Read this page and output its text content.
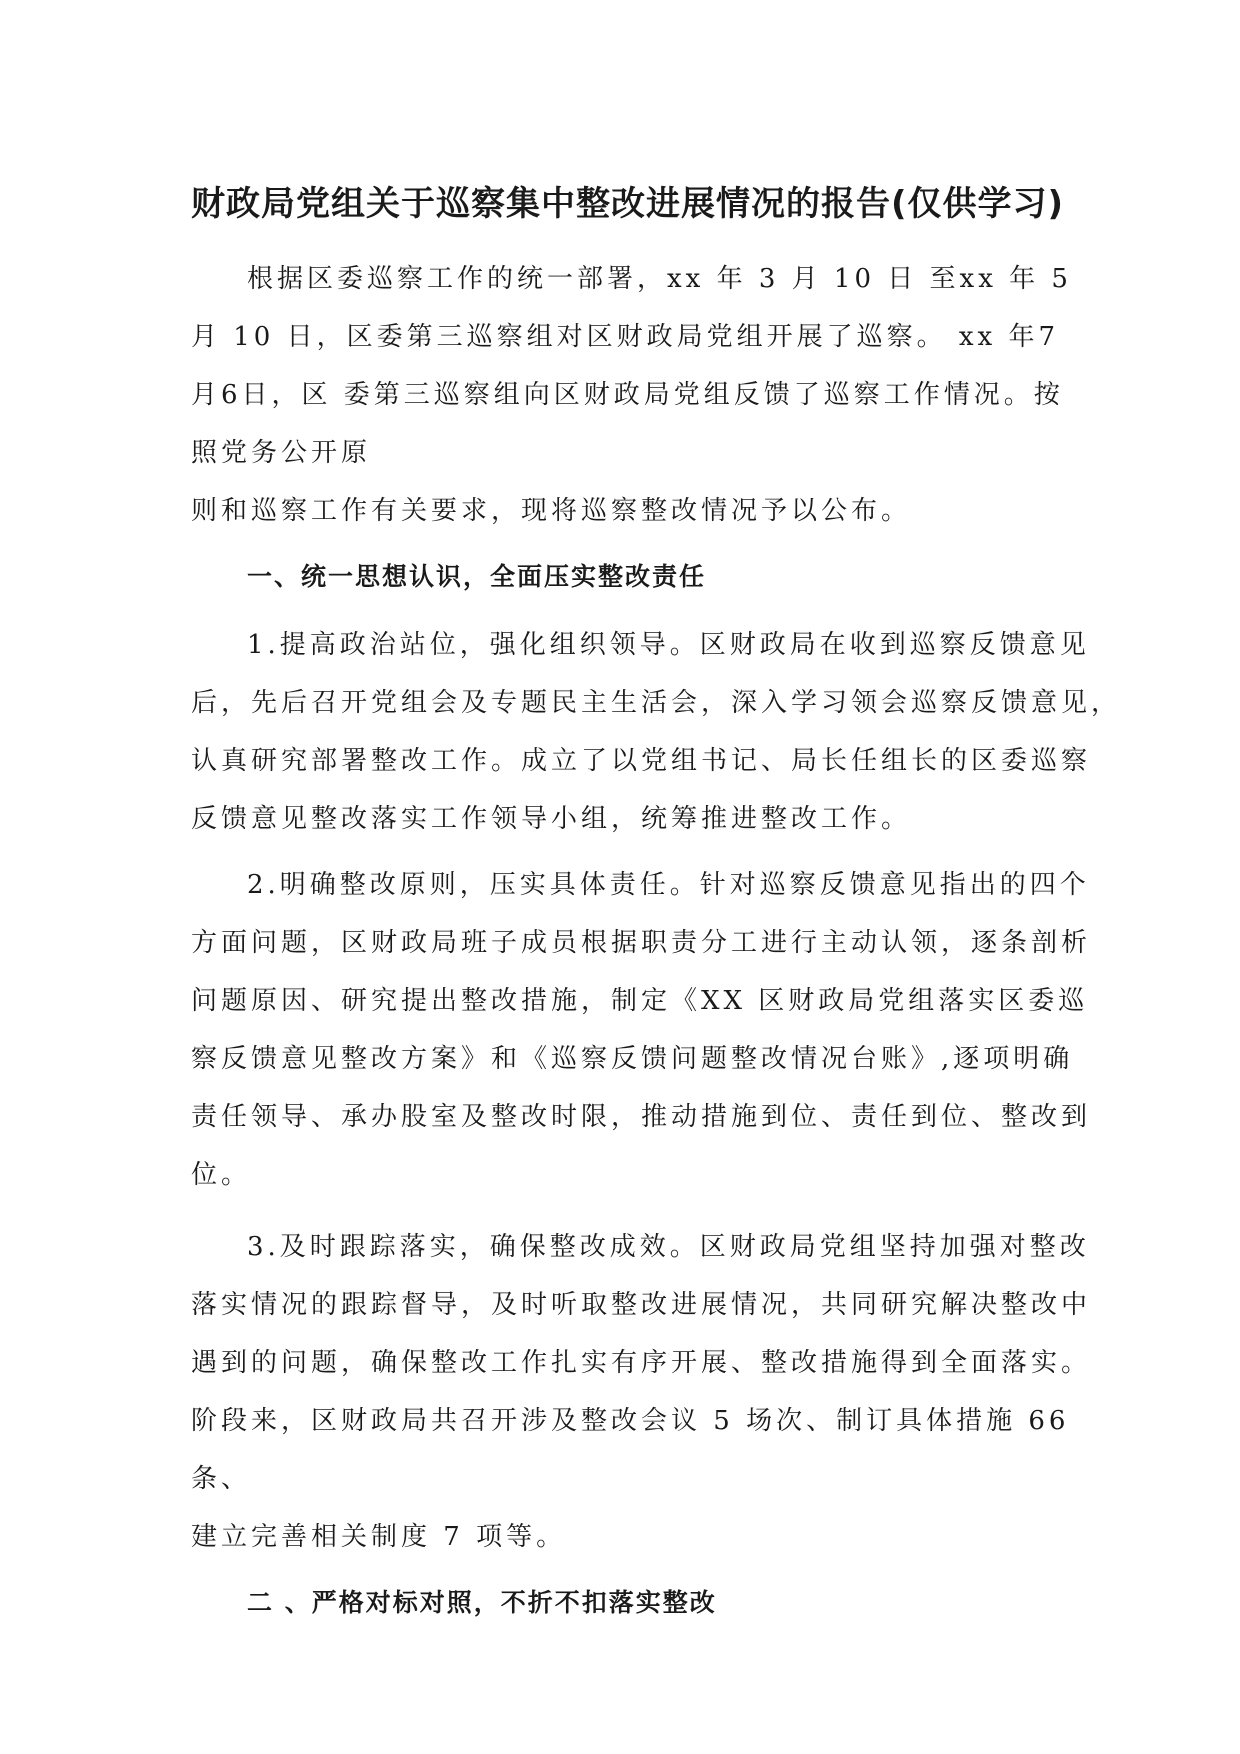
财政局党组关于巡察集中整改进展情况的报告(仅供学习)

根据区委巡察工作的统一部署，xx 年 3 月 10 日 至xx 年 5
月 10 日，区委第三巡察组对区财政局党组开展了巡察。 xx 年7
月6日，区 委第三巡察组向区财政局党组反馈了巡察工作情况。按
照党务公开原
则和巡察工作有关要求，现将巡察整改情况予以公布。

一、统一思想认识，全面压实整改责任

1.提高政治站位，强化组织领导。区财政局在收到巡察反馈意见
后，先后召开党组会及专题民主生活会，深入学习领会巡察反馈意见，
认真研究部署整改工作。成立了以党组书记、局长任组长的区委巡察
反馈意见整改落实工作领导小组，统筹推进整改工作。

2.明确整改原则，压实具体责任。针对巡察反馈意见指出的四个
方面问题，区财政局班子成员根据职责分工进行主动认领，逐条剖析
问题原因、研究提出整改措施，制定《XX 区财政局党组落实区委巡
察反馈意见整改方案》和《巡察反馈问题整改情况台账》,逐项明确
责任领导、承办股室及整改时限，推动措施到位、责任到位、整改到
位。

3.及时跟踪落实，确保整改成效。区财政局党组坚持加强对整改
落实情况的跟踪督导，及时听取整改进展情况，共同研究解决整改中
遇到的问题，确保整改工作扎实有序开展、整改措施得到全面落实。
阶段来，区财政局共召开涉及整改会议 5 场次、制订具体措施 66
条、
建立完善相关制度 7 项等。

二 、严格对标对照，不折不扣落实整改
